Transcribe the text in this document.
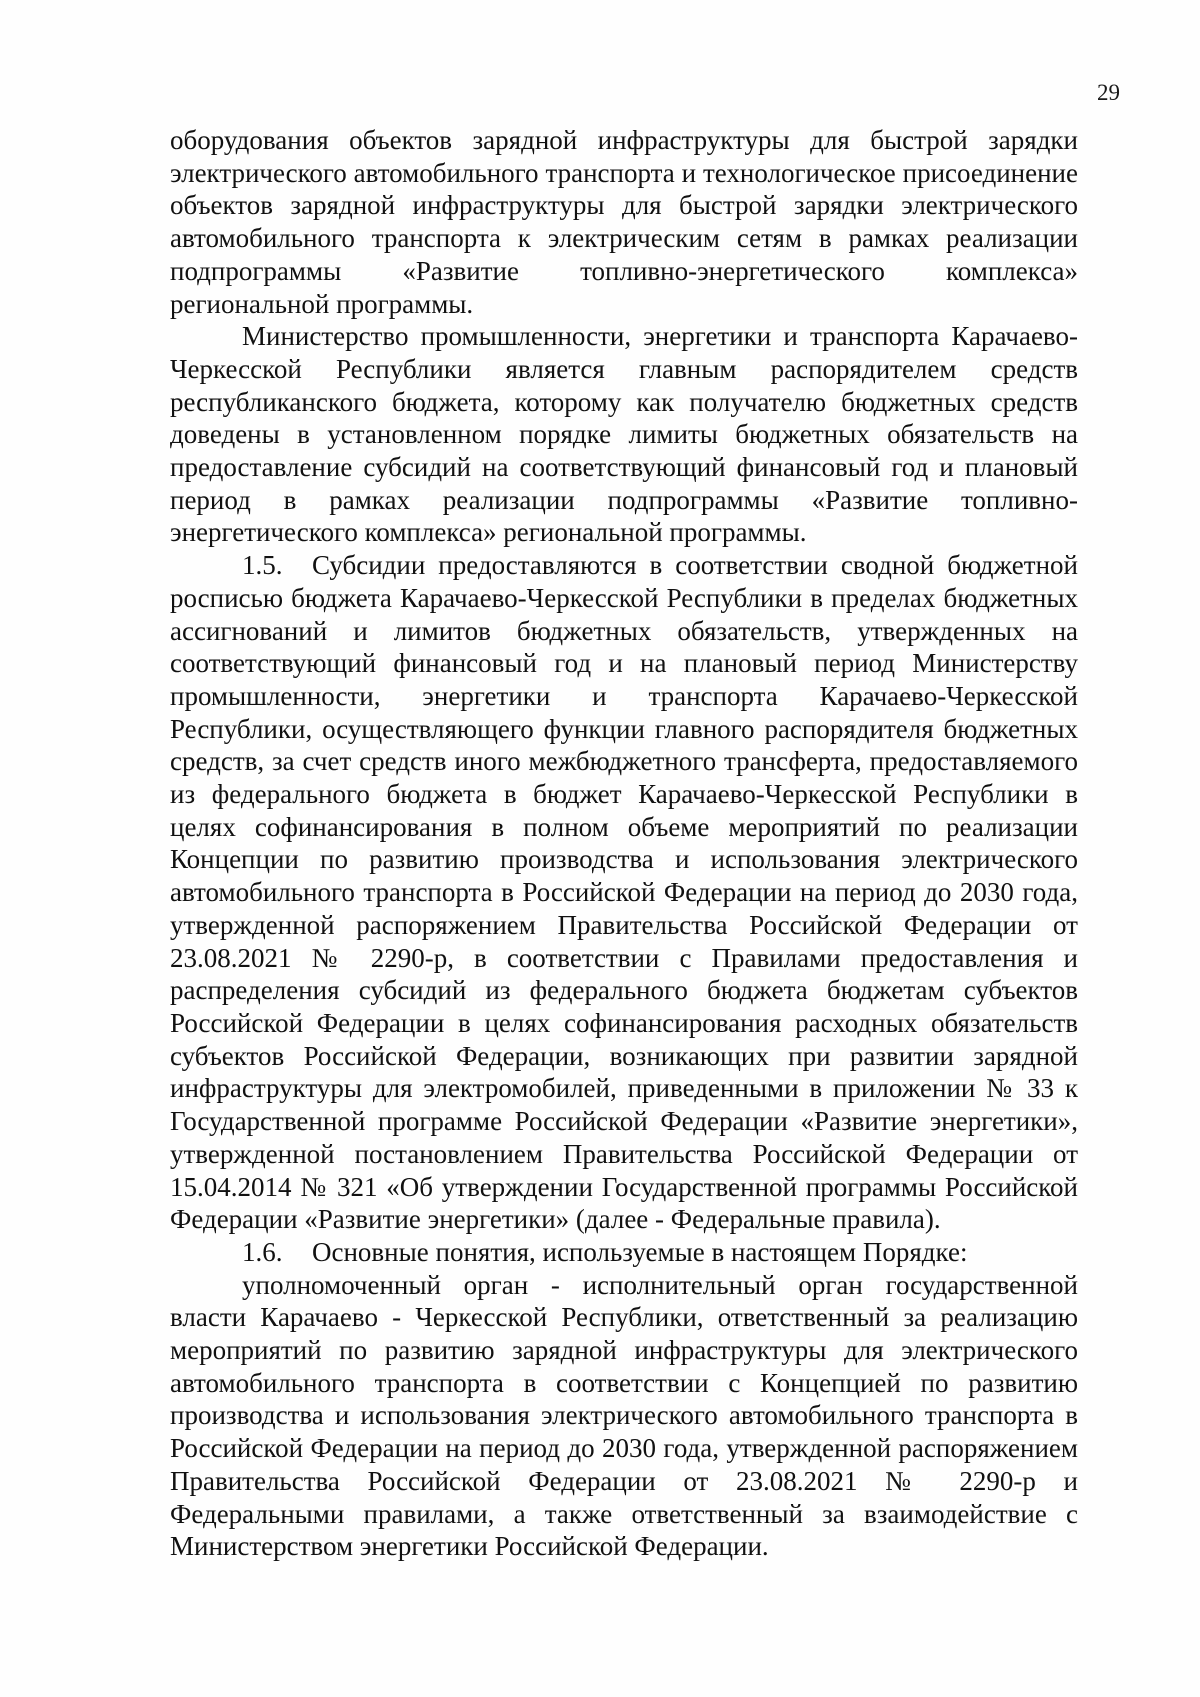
29

оборудования объектов зарядной инфраструктуры для быстрой зарядки электрического автомобильного транспорта и технологическое присоединение объектов зарядной инфраструктуры для быстрой зарядки электрического автомобильного транспорта к электрическим сетям в рамках реализации подпрограммы «Развитие топливно-энергетического комплекса» региональной программы.

Министерство промышленности, энергетики и транспорта Карачаево-Черкесской Республики является главным распорядителем средств республиканского бюджета, которому как получателю бюджетных средств доведены в установленном порядке лимиты бюджетных обязательств на предоставление субсидий на соответствующий финансовый год и плановый период в рамках реализации подпрограммы «Развитие топливно-энергетического комплекса» региональной программы.

1.5. Субсидии предоставляются в соответствии сводной бюджетной росписью бюджета Карачаево-Черкесской Республики в пределах бюджетных ассигнований и лимитов бюджетных обязательств, утвержденных на соответствующий финансовый год и на плановый период Министерству промышленности, энергетики и транспорта Карачаево-Черкесской Республики, осуществляющего функции главного распорядителя бюджетных средств, за счет средств иного межбюджетного трансферта, предоставляемого из федерального бюджета в бюджет Карачаево-Черкесской Республики в целях софинансирования в полном объеме мероприятий по реализации Концепции по развитию производства и использования электрического автомобильного транспорта в Российской Федерации на период до 2030 года, утвержденной распоряжением Правительства Российской Федерации от 23.08.2021 № 2290-р, в соответствии с Правилами предоставления и распределения субсидий из федерального бюджета бюджетам субъектов Российской Федерации в целях софинансирования расходных обязательств субъектов Российской Федерации, возникающих при развитии зарядной инфраструктуры для электромобилей, приведенными в приложении № 33 к Государственной программе Российской Федерации «Развитие энергетики», утвержденной постановлением Правительства Российской Федерации от 15.04.2014 № 321 «Об утверждении Государственной программы Российской Федерации «Развитие энергетики» (далее - Федеральные правила).

1.6. Основные понятия, используемые в настоящем Порядке:

уполномоченный орган - исполнительный орган государственной власти Карачаево - Черкесской Республики, ответственный за реализацию мероприятий по развитию зарядной инфраструктуры для электрического автомобильного транспорта в соответствии с Концепцией по развитию производства и использования электрического автомобильного транспорта в Российской Федерации на период до 2030 года, утвержденной распоряжением Правительства Российской Федерации от 23.08.2021 № 2290-р и Федеральными правилами, а также ответственный за взаимодействие с Министерством энергетики Российской Федерации.
